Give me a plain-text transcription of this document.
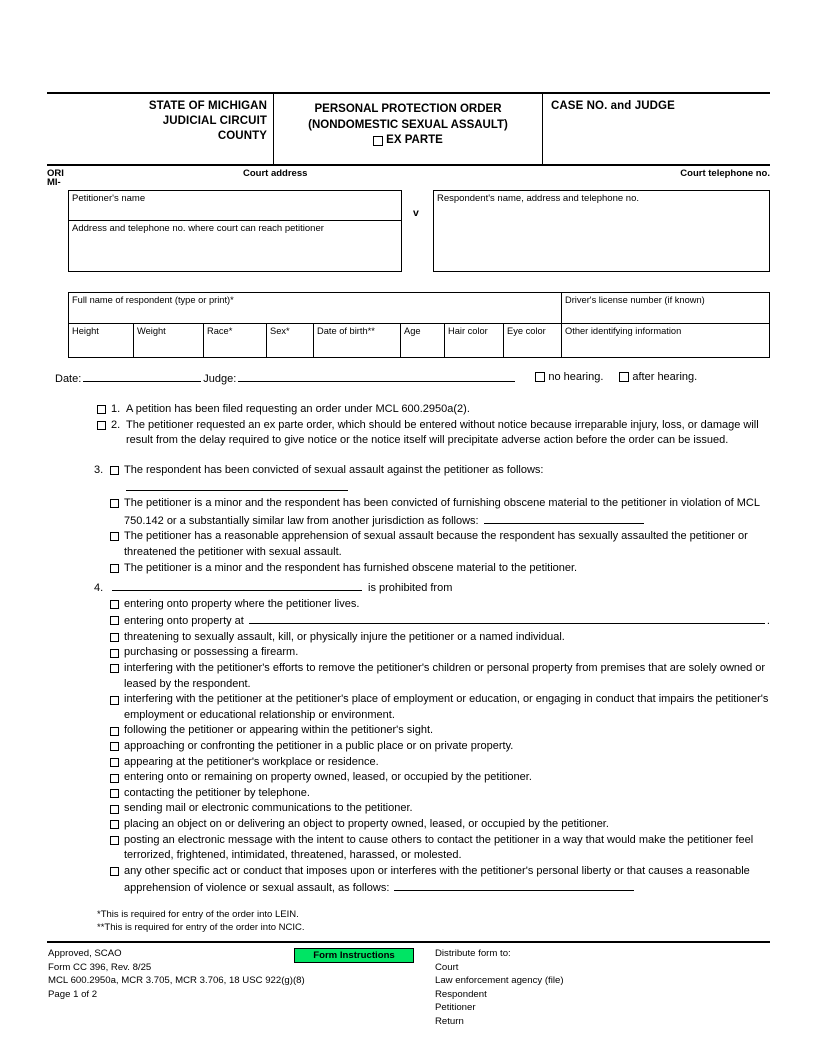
STATE OF MICHIGAN
JUDICIAL CIRCUIT
COUNTY
PERSONAL PROTECTION ORDER
(NONDOMESTIC SEXUAL ASSAULT)
EX PARTE
CASE NO. and JUDGE
ORI
MI-
Court address	Court telephone no.
Petitioner's name
Address and telephone no. where court can reach petitioner
v
Respondent's name, address and telephone no.
Full name of respondent (type or print)*	Driver's license number (if known)
Height	Weight	Race*	Sex*	Date of birth**	Age	Hair color	Eye color	Other identifying information
Date:	Judge:	no hearing.	after hearing.
1. A petition has been filed requesting an order under MCL 600.2950a(2).
2. The petitioner requested an ex parte order, which should be entered without notice because irreparable injury, loss, or damage will result from the delay required to give notice or the notice itself will precipitate adverse action before the order can be issued.
3.	The respondent has been convicted of sexual assault against the petitioner as follows:
The petitioner is a minor and the respondent has been convicted of furnishing obscene material to the petitioner in violation of MCL 750.142 or a substantially similar law from another jurisdiction as follows:
The petitioner has a reasonable apprehension of sexual assault because the respondent has sexually assaulted the petitioner or threatened the petitioner with sexual assault.
The petitioner is a minor and the respondent has furnished obscene material to the petitioner.
4.	is prohibited from
entering onto property where the petitioner lives.
entering onto property at	.
threatening to sexually assault, kill, or physically injure the petitioner or a named individual.
purchasing or possessing a firearm.
interfering with the petitioner's efforts to remove the petitioner's children or personal property from premises that are solely owned or leased by the respondent.
interfering with the petitioner at the petitioner's place of employment or education, or engaging in conduct that impairs the petitioner's employment or educational relationship or environment.
following the petitioner or appearing within the petitioner's sight.
approaching or confronting the petitioner in a public place or on private property.
appearing at the petitioner's workplace or residence.
entering onto or remaining on property owned, leased, or occupied by the petitioner.
contacting the petitioner by telephone.
sending mail or electronic communications to the petitioner.
placing an object on or delivering an object to property owned, leased, or occupied by the petitioner.
posting an electronic message with the intent to cause others to contact the petitioner in a way that would make the petitioner feel terrorized, frightened, intimidated, threatened, harassed, or molested.
any other specific act or conduct that imposes upon or interferes with the petitioner's personal liberty or that causes a reasonable apprehension of violence or sexual assault, as follows:
*This is required for entry of the order into LEIN.
**This is required for entry of the order into NCIC.
Approved, SCAO
Form CC 396, Rev. 8/25
MCL 600.2950a, MCR 3.705, MCR 3.706, 18 USC 922(g)(8)
Page 1 of 2
Form Instructions	Distribute form to:
Court
Law enforcement agency (file)
Respondent
Petitioner
Return
